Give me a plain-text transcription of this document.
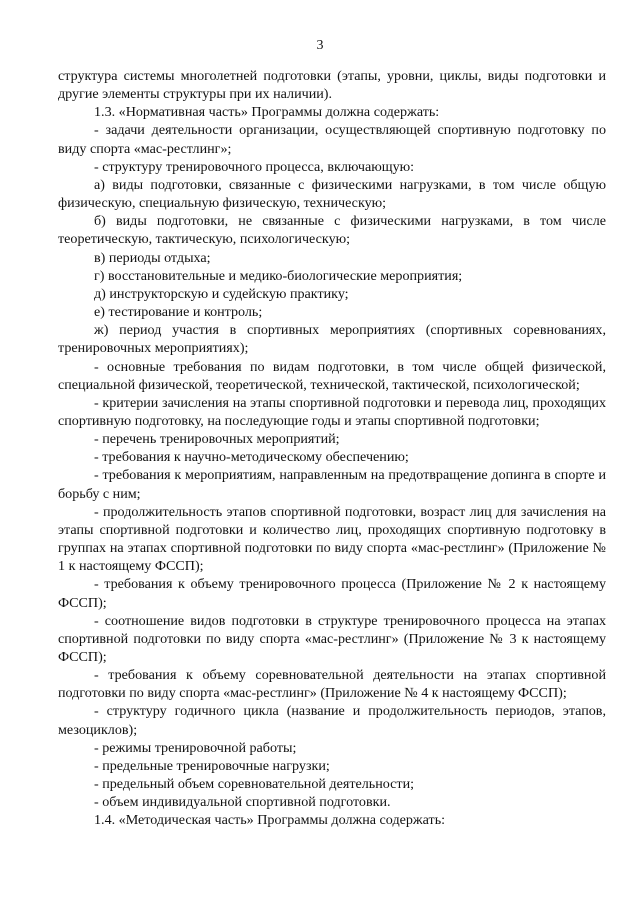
3

структура системы многолетней подготовки (этапы, уровни, циклы, виды подготовки и другие элементы структуры при их наличии).

1.3. «Нормативная часть» Программы должна содержать:

- задачи деятельности организации, осуществляющей спортивную подготовку по виду спорта «мас-рестлинг»;

- структуру тренировочного процесса, включающую:

а) виды подготовки, связанные с физическими нагрузками, в том числе общую физическую, специальную физическую, техническую;

б) виды подготовки, не связанные с физическими нагрузками, в том числе теоретическую, тактическую, психологическую;

в) периоды отдыха;

г) восстановительные и медико-биологические мероприятия;

д) инструкторскую и судейскую практику;

е) тестирование и контроль;

ж) период участия в спортивных мероприятиях (спортивных соревнованиях, тренировочных мероприятиях);

- основные требования по видам подготовки, в том числе общей физической, специальной физической, теоретической, технической, тактической, психологической;

- критерии зачисления на этапы спортивной подготовки и перевода лиц, проходящих спортивную подготовку, на последующие годы и этапы спортивной подготовки;

- перечень тренировочных мероприятий;

- требования к научно-методическому обеспечению;

- требования к мероприятиям, направленным на предотвращение допинга в спорте и борьбу с ним;

- продолжительность этапов спортивной подготовки, возраст лиц для зачисления на этапы спортивной подготовки и количество лиц, проходящих спортивную подготовку в группах на этапах спортивной подготовки по виду спорта «мас-рестлинг» (Приложение № 1 к настоящему ФССП);

- требования к объему тренировочного процесса (Приложение № 2 к настоящему ФССП);

- соотношение видов подготовки в структуре тренировочного процесса на этапах спортивной подготовки по виду спорта «мас-рестлинг» (Приложение № 3 к настоящему ФССП);

- требования к объему соревновательной деятельности на этапах спортивной подготовки по виду спорта «мас-рестлинг» (Приложение № 4 к настоящему ФССП);

- структуру годичного цикла (название и продолжительность периодов, этапов, мезоциклов);

- режимы тренировочной работы;

- предельные тренировочные нагрузки;

- предельный объем соревновательной деятельности;

- объем индивидуальной спортивной подготовки.

1.4. «Методическая часть» Программы должна содержать:
